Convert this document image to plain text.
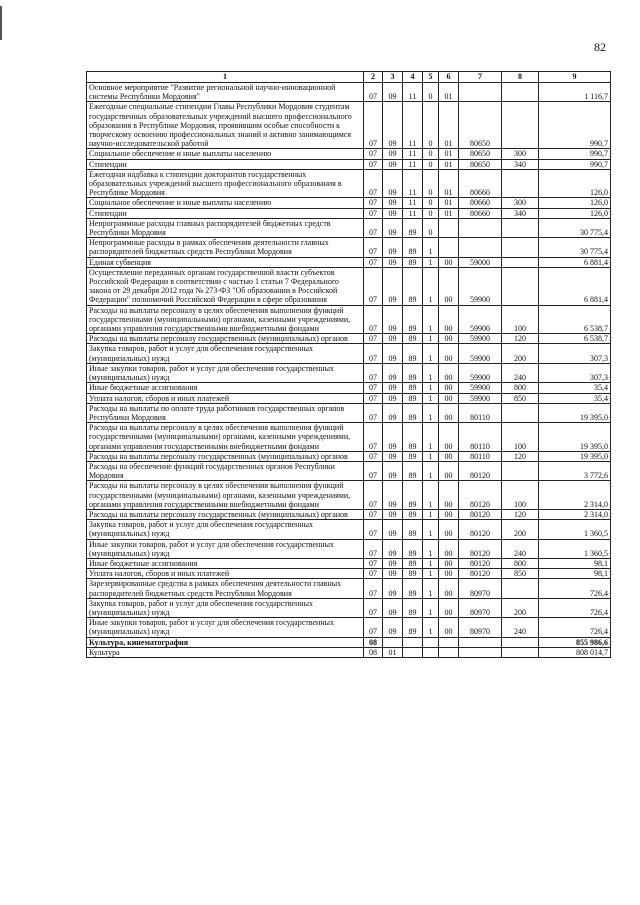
82
1	2	3	4	5	6	7	8	9
Основное мероприятие "Развитие региональной научно-инновационной системы Республики Мордовия"	07	09	11	0	01			1 116,7
Ежегодные специальные стипендии Главы Республики Мордовия студентам государственных образовательных учреждений высшего профессионального образования в Республике Мордовия, проявившим особые способности к творческому освоению профессиональных знаний и активно занимающимся научно-исследовательской работой	07	09	11	0	01	80650		990,7
Социальное обеспечение и иные выплаты населению	07	09	11	0	01	80650	300	990,7
Стипендии	07	09	11	0	01	80650	340	990,7
Ежегодная надбавка к стипендии докторантов государственных образовательных учреждений высшего профессионального образования в Республике Мордовия	07	09	11	0	01	80660		126,0
Социальное обеспечение и иные выплаты населению	07	09	11	0	01	80660	300	126,0
Стипендии	07	09	11	0	01	80660	340	126,0
Непрограммные расходы главных распорядителей бюджетных средств Республики Мордовия	07	09	89	0				30 775,4
Непрограммные расходы в рамках обеспечения деятельности главных распорядителей бюджетных средств Республики Мордовия	07	09	89	1				30 775,4
Единая субвенция	07	09	89	1	00	59000		6 881,4
Осуществление переданных органам государственной власти субъектов Российской Федерации в соответствии с частью 1 статьи 7 Федерального закона от 29 декабря 2012 года № 273-ФЗ "Об образовании в Российской Федерации" полномочий Российской Федерации в сфере образования	07	09	89	1	00	59900		6 881,4
Расходы на выплаты персоналу в целях обеспечения выполнения функций государственными (муниципальными) органами, казенными учреждениями, органами управления государственными внебюджетными фондами	07	09	89	1	00	59900	100	6 538,7
Расходы на выплаты персоналу государственных (муниципальных) органов	07	09	89	1	00	59900	120	6 538,7
Закупка товаров, работ и услуг для обеспечения государственных (муниципальных) нужд	07	09	89	1	00	59900	200	307,3
Иные закупки товаров, работ и услуг для обеспечения государственных (муниципальных) нужд	07	09	89	1	00	59900	240	307,3
Иные бюджетные ассигнования	07	09	89	1	00	59900	800	35,4
Уплата налогов, сборов и иных платежей	07	09	89	1	00	59900	850	35,4
Расходы на выплаты по оплате труда работников государственных органов Республики Мордовия	07	09	89	1	00	80110		19 395,0
Расходы на выплаты персоналу в целях обеспечения выполнения функций государственными (муниципальными) органами, казенными учреждениями, органами управления государственными внебюджетными фондами	07	09	89	1	00	80110	100	19 395,0
Расходы на выплаты персоналу государственных (муниципальных) органов	07	09	89	1	00	80110	120	19 395,0
Расходы на обеспечение функций государственных органов Республики Мордовия	07	09	89	1	00	80120		3 772,6
Расходы на выплаты персоналу в целях обеспечения выполнения функций государственными (муниципальными) органами, казенными учреждениями, органами управления государственными внебюджетными фондами	07	09	89	1	00	80120	100	2 314,0
Расходы на выплаты персоналу государственных (муниципальных) органов	07	09	89	1	00	80120	120	2 314,0
Закупка товаров, работ и услуг для обеспечения государственных (муниципальных) нужд	07	09	89	1	00	80120	200	1 360,5
Иные закупки товаров, работ и услуг для обеспечения государственных (муниципальных) нужд	07	09	89	1	00	80120	240	1 360,5
Иные бюджетные ассигнования	07	09	89	1	00	80120	800	98,1
Уплата налогов, сборов и иных платежей	07	09	89	1	00	80120	850	98,1
Зарезервированные средства в рамках обеспечения деятельности главных распорядителей бюджетных средств Республики Мордовия	07	09	89	1	00	80970		726,4
Закупка товаров, работ и услуг для обеспечения государственных (муниципальных) нужд	07	09	89	1	00	80970	200	726,4
Иные закупки товаров, работ и услуг для обеспечения государственных (муниципальных) нужд	07	09	89	1	00	80970	240	726,4
Культура, кинематография	08							855 986,6
Культура	08	01						808 014,7
